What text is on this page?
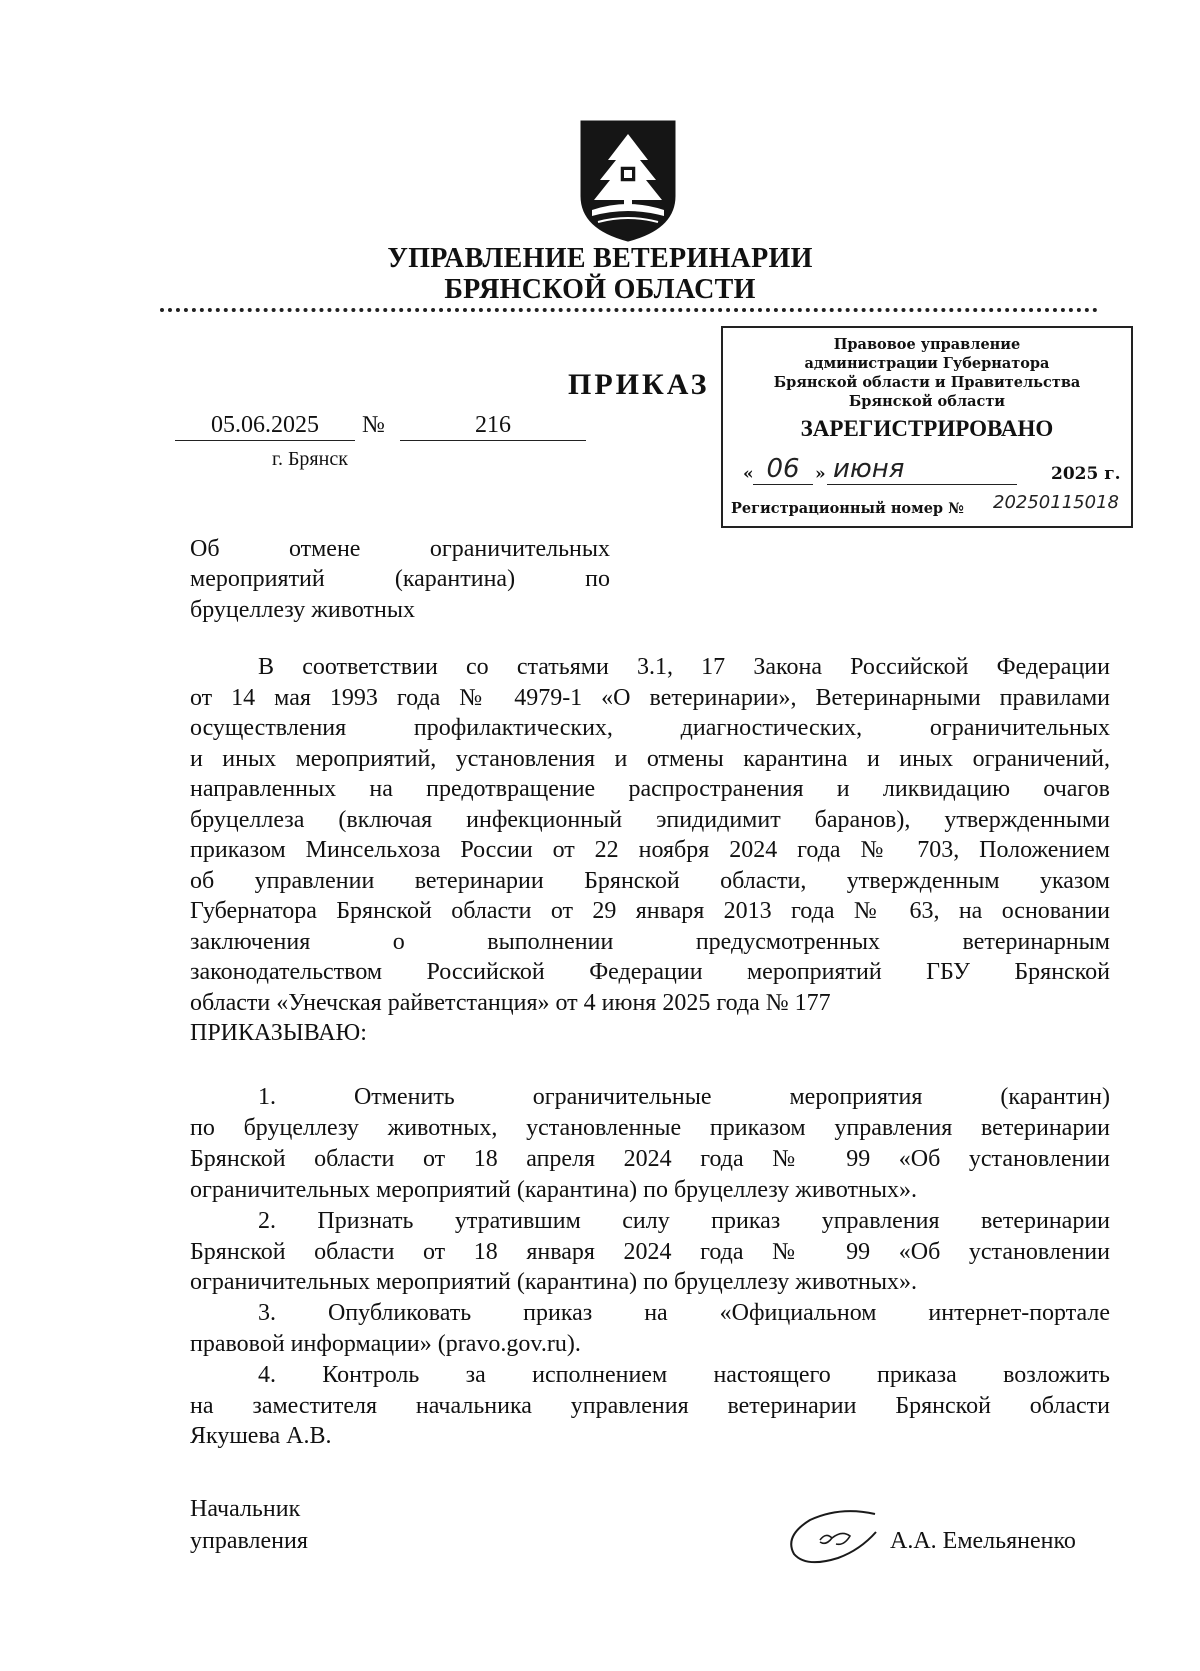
УПРАВЛЕНИЕ ВЕТЕРИНАРИИ
БРЯНСКОЙ ОБЛАСТИ
ПРИКАЗ
05.06.2025	№	216
г. Брянск
Правовое управление
администрации Губернатора
Брянской области и Правительства
Брянской области
ЗАРЕГИСТРИРОВАНО
« 06 » июня	2025 г.
Регистрационный номер № 20250115018
Об отмене ограничительных
мероприятий (карантина) по
бруцеллезу животных
В соответствии со статьями 3.1, 17 Закона Российской Федерации
от 14 мая 1993 года № 4979-1 «О ветеринарии», Ветеринарными правилами
осуществления профилактических, диагностических, ограничительных
и иных мероприятий, установления и отмены карантина и иных ограничений,
направленных на предотвращение распространения и ликвидацию очагов
бруцеллеза (включая инфекционный эпидидимит баранов), утвержденными
приказом Минсельхоза России от 22 ноября 2024 года № 703, Положением
об управлении ветеринарии Брянской области, утвержденным указом
Губернатора Брянской области от 29 января 2013 года № 63, на основании
заключения о выполнении предусмотренных ветеринарным
законодательством Российской Федерации мероприятий ГБУ Брянской
области «Унечская райветстанция» от 4 июня 2025 года № 177
ПРИКАЗЫВАЮ:
1. Отменить ограничительные мероприятия (карантин)
по бруцеллезу животных, установленные приказом управления ветеринарии
Брянской области от 18 апреля 2024 года № 99 «Об установлении
ограничительных мероприятий (карантина) по бруцеллезу животных».
2. Признать утратившим силу приказ управления ветеринарии
Брянской области от 18 января 2024 года № 99 «Об установлении
ограничительных мероприятий (карантина) по бруцеллезу животных».
3. Опубликовать приказ на «Официальном интернет-портале
правовой информации» (pravo.gov.ru).
4. Контроль за исполнением настоящего приказа возложить
на заместителя начальника управления ветеринарии Брянской области
Якушева А.В.
Начальник
управления	А.А. Емельяненко
